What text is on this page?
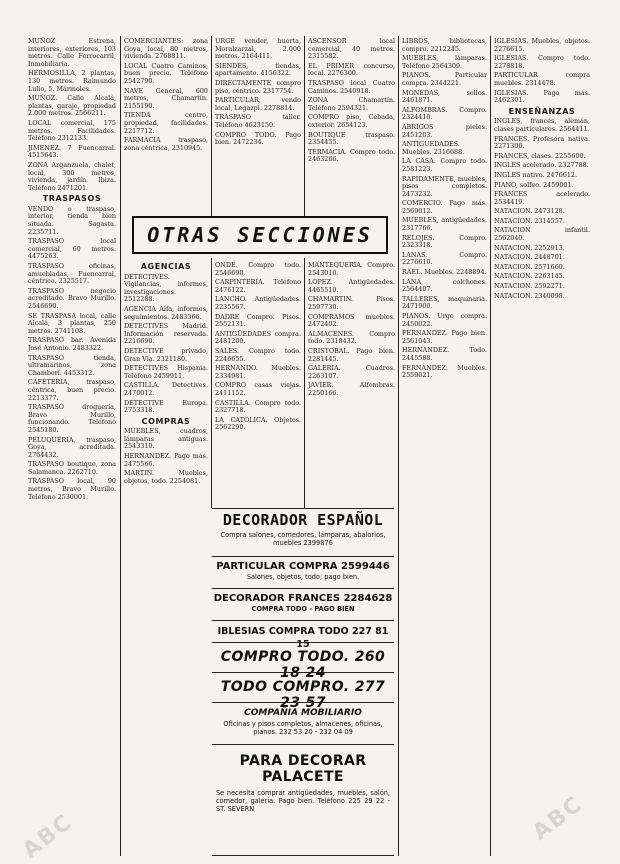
MUÑOZ Estrena, interiores, exteriores, 103 metros. Calle Ferrocarril, Inmobiliaria.

HERMOSILLA, 2 plantas, 130 metros. Raimundo Lulio, 5. Mármoles.

MUÑOZ. Calle Alcalá, plantas, garaje, propiedad 2.000 metros. 2566211.

LOCAL comercial, 175 metros. Facilidades. Teléfono 2312133.

JIMENEZ. 7 Fuencarral. 4515643.

ZONA Arganzuela, chalet, local, 300 metros, vivienda, jardín. Ibiza. Teléfono 2471201.

TRASPASOS

VENDO o traspaso, interior, tienda bien situada. Sagasta. 2235711.

TRASPASO local comercial, 60 metros. 4475263.

TRASPASO oficinas, amuebladas, Fuencarral, céntrico. 2325517.

TRASPASO negocio acreditado. Bravo Murillo. 2546690.

SE TRASPASA local, calle Alcalá, 3 plantas, 250 metros. 2741108.

TRASPASO bar. Avenida José Antonio. 2483322.

TRASPASO tienda, ultramarinos, zona Chamberí. 4453312.

CAFETERIA, traspaso, céntrica, buen precio. 2213377.

TRASPASO droguería, Bravo Murillo, funcionando. Teléfono 2545180.

PELUQUERIA, traspaso, Goya, acreditada. 2764432.

TRASPASO boutique, zona Salamanca. 2262710.

TRASPASO local, 90 metros, Bravo Murillo. Teléfono 2530001.

COMERCIANTES: zona Goya, local, 80 metros, vivienda. 2768811.

LOCAL Cuatro Caminos, buen precio. Teléfono 2542790.

NAVE General, 600 metros, Chamartín. 2155190.

TIENDA centro, propiedad, facilidades. 2217712.

FARMACIA traspaso, zona céntrica, 2310945.

URGE vender, huerta, Moralzarzal, 2.000 metros. 2164411.

SIENDES, tiendas, apartamento. 4156322.

DIRECTAMENTE compro piso, céntrico. 2317754.

PARTICULAR, vendo local, Legazpi. 2278814.

TRASPASO taller. Teléfono 4623150.

COMPRO TODO. Pago bien. 2472234.

ASCENSOR local comercial, 40 metros. 2315582.

EL PRIMER concurso, local. 2276300.

TRASPASO local Cuatro Caminos. 2540918.

ZONA Chamartín. Teléfono 2594321.

COMPRO piso, Cebada, exterior. 2654123.

BOUTIQUE traspaso. 2354455.

TERMACIA. Compro todo. 2463266.

OTRAS SECCIONES
AGENCIAS

DETECTIVES. Vigilancias, informes, investigaciones. 2512288.

AGENCIA Alfa, informes, seguimientos. 2483366.

DETECTIVES Madrid. Información reservada. 2216690.

DETECTIVE privado, Gran Vía. 2321180.

DETECTIVES Hispania. Teléfono 2459911.

CASTILLA. Detectives. 2470012.

DETECTIVE Europa. 2753318.

COMPRAS

MUEBLES, cuadros, lámparas antiguas. 2543310.

HERNANDEZ. Pago más. 2475566.

MARTIN. Muebles, objetos, todo. 2254081.

ONDE. Compro todo. 2546690.

CARPINTERIA. Teléfono 2476122.

LANCHO. Antigüedades. 2235567.

DADRE Compro. Pisos. 2552131.

ANTIGÜEDADES compra. 2481200.

SALES. Compro todo. 2246655.

HERNANDO. Muebles. 2334981.

COMPRO casas viejas. 2411152.

CASTILLA. Compro todo. 2327718.

LA CATOLICA. Objetos. 2562290.

MANTEQUERIA. Compro. 2543010.

LOPEZ. Antigüedades. 4465510.

CHAMARTIN. Pisos. 2597730.

COMPRAMOS muebles. 2472402.

ALMACENES. Compro todo. 2318432.

CRISTOBAL. Pago bien. 2281445.

GALERIA. Cuadros. 2263107.

JAVIER. Alfombras. 2250166.

DECORADOR ESPAÑOL
Compra salones, comedores, lámparas, abalorios, muebles 2399876
PARTICULAR COMPRA 2599446
Salones, objetos, todo; pago bien.
DECORADOR FRANCES 2284628
COMPRA TODO - PAGO BIEN
IBLESIAS COMPRA TODO 227 81 15
COMPRO TODO. 260 18 24
TODO COMPRO. 277 23 57
COMPAÑIA MOBILIARIO
Oficinas y pisos completos, almacenes, oficinas, pianos. 232 53 20 - 232 04 09
PARA DECORAR PALACETE
Se necesita comprar antigüedades, muebles, salón, comedor, galería. Pago bien. Teléfono 225 29 22 - ST. SEVERN

LIBROS, bibliotecas, compro. 2212245.

MUEBLES, lámparas. Teléfono 2564309.

PIANOS. Particular compra. 2344221.

MONEDAS, sellos. 2461871.

ALFOMBRAS. Compro. 2324410.

ABRIGOS pieles. 2451203.

ANTIGUEDADES. Muebles. 2316688.

LA CASA. Compro todo. 2581223.

RAPIDAMENTE, muebles, pisos completos. 2473232.

COMERCIO. Pago más. 2569012.

MUEBLES, antigüedades. 2317766.

RELOJES. Compro. 2323318.

LANAS. Compro. 2276610.

RAEL. Muebles. 2248894.

LANA, colchones. 2564407.

TALLERES, maquinaria. 2471900.

PIANOS. Urge compra. 2450022.

FERNANDEZ. Pago bien. 2561043.

HERNANDEZ. Todo. 2445588.

FERNANDEZ. Muebles. 2559021.

IGLESIAS. Muebles, objetos. 2276615.

IGLESIAS. Compro todo. 2278818.

PARTICULAR compra muebles. 2314478.

IGLESIAS. Pago más. 2462301.

ENSEÑANZAS

INGLES, francés, alemán, clases particulares. 2564411.

FRANCES. Profesora nativa. 2271300.

FRANCES, clases. 2255600.

INGLES acelerado. 2327788.

INGLES nativo. 2476612.

PIANO, solfeo. 2459001.

FRANCES acelerado. 2534419.

NATACION. 2473128.

NATACION. 2314557.

NATACION infantil. 2562040.

NATACION. 2252913.

NATACION. 2448701.

NATACION. 2571660.

NATACION. 2263145.

NATACION. 2592271.

NATACION. 2340098.

ABC	ABC
